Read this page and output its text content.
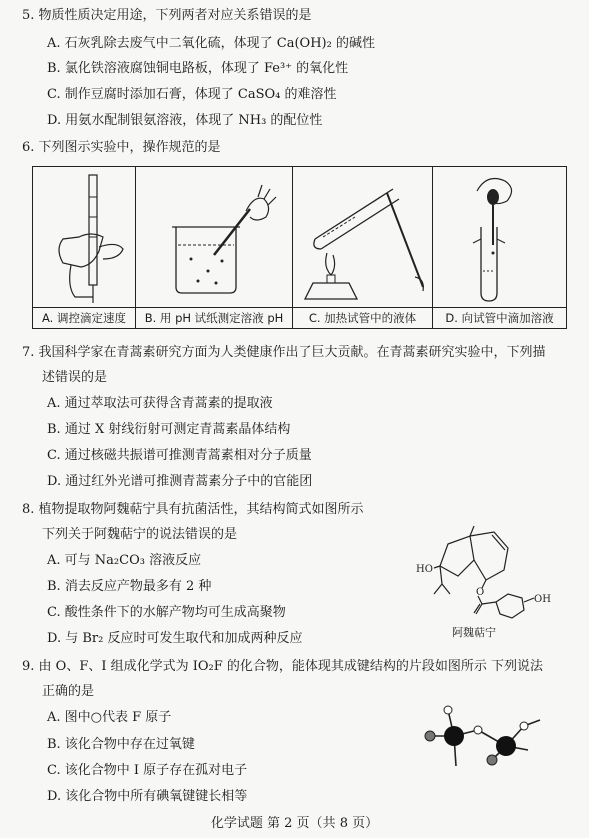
5. 物质性质决定用途，下列两者对应关系错误的是
A. 石灰乳除去废气中二氧化硫，体现了 Ca(OH)₂ 的碱性
B. 氯化铁溶液腐蚀铜电路板，体现了 Fe³⁺ 的氧化性
C. 制作豆腐时添加石膏，体现了 CaSO₄ 的难溶性
D. 用氨水配制银氨溶液，体现了 NH₃ 的配位性
6. 下列图示实验中，操作规范的是
A. 调控滴定速度	B. 用 pH 试纸测定溶液 pH	C. 加热试管中的液体	D. 向试管中滴加溶液
7. 我国科学家在青蒿素研究方面为人类健康作出了巨大贡献。在青蒿素研究实验中，下列描
述错误的是
A. 通过萃取法可获得含青蒿素的提取液
B. 通过 X 射线衍射可测定青蒿素晶体结构
C. 通过核磁共振谱可推测青蒿素相对分子质量
D. 通过红外光谱可推测青蒿素分子中的官能团
8. 植物提取物阿魏萜宁具有抗菌活性，其结构简式如图所示
下列关于阿魏萜宁的说法错误的是
A. 可与 Na₂CO₃ 溶液反应
B. 消去反应产物最多有 2 种
C. 酸性条件下的水解产物均可生成高聚物
D. 与 Br₂ 反应时可发生取代和加成两种反应
HO
O
OH
阿魏萜宁
9. 由 O、F、I 组成化学式为 IO₂F 的化合物，能体现其成键结构的片段如图所示 下列说法
正确的是
A. 图中○代表 F 原子
B. 该化合物中存在过氧键
C. 该化合物中 I 原子存在孤对电子
D. 该化合物中所有碘氧键键长相等
化学试题 第 2 页（共 8 页）
